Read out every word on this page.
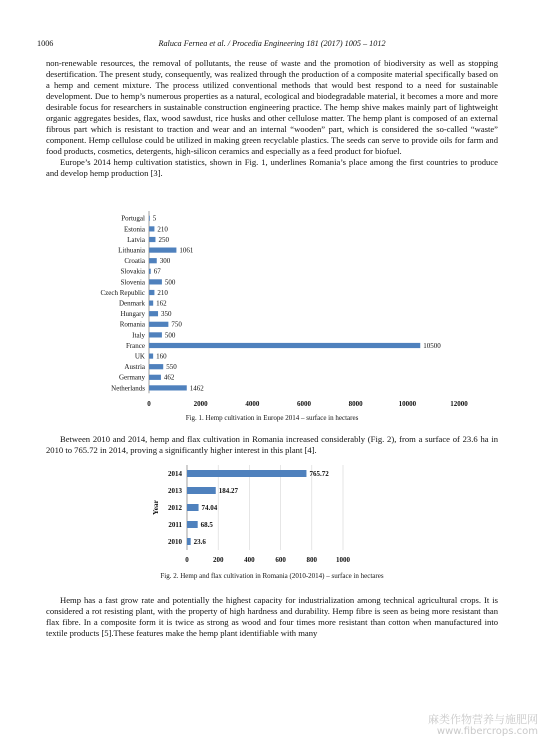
1006	Raluca Fernea et al. / Procedia Engineering 181 (2017) 1005 – 1012

non-renewable resources, the removal of pollutants, the reuse of waste and the promotion of biodiversity as well as stopping desertification. The present study, consequently, was realized through the production of a composite material specifically based on a hemp and cement mixture. The process utilized conventional methods that would best respond to a need for sustainable development. Due to hemp’s numerous properties as a natural, ecological and biodegradable material, it becomes a more and more desirable focus for researchers in sustainable construction engineering practice. The hemp shive makes mainly part of lightweight organic aggregates besides, flax, wood sawdust, rice husks and other cellulose matter. The hemp plant is composed of an external fibrous part which is resistant to traction and wear and an internal “wooden” part, which is considered the so-called “waste” component. Hemp cellulose could be utilized in making green recyclable plastics. The seeds can serve to provide oils for farm and food products, cosmetics, detergents, high-silicon ceramics and especially as a feed product for biofuel.

Europe’s 2014 hemp cultivation statistics, shown in Fig. 1, underlines Romania’s place among the first countries to produce and develop hemp production [3].

Portugal 5
Estonia 210
Latvia 250
Lithuania	1061
Croatia 300
Slovakia 67
Slovenia	500
Czech Republic 210
Denmark 162
Hungary 350
Romania	750
Italy	500
France	10500
UK 160
Austria	550
Germany	462
Netherlands	1462
0	2000	4000	6000	8000	10000	12000
Fig. 1. Hemp cultivation in Europe 2014 – surface in hectares

Between 2010 and 2014, hemp and flax cultivation in Romania increased considerably (Fig. 2), from a surface of 23.6 ha in 2010 to 765.72 in 2014, proving a significantly higher interest in this plant [4].

2014	765.72
2013	184.27
2012	74.04
2011	68.5
2010 23.6
Year
0	200	400	600	800	1000
Fig. 2. Hemp and flax cultivation in Romania (2010-2014) – surface in hectares

Hemp has a fast grow rate and potentially the highest capacity for industrialization among technical agricultural crops. It is considered a rot resisting plant, with the property of high hardness and durability. Hemp fibre is seen as being more resistant than flax fibre. In a composite form it is twice as strong as wood and four times more resistant than cotton when manufactured into textile products [5].These features make the hemp plant identifiable with many

麻类作物营养与施肥网
www.fibercrops.com
